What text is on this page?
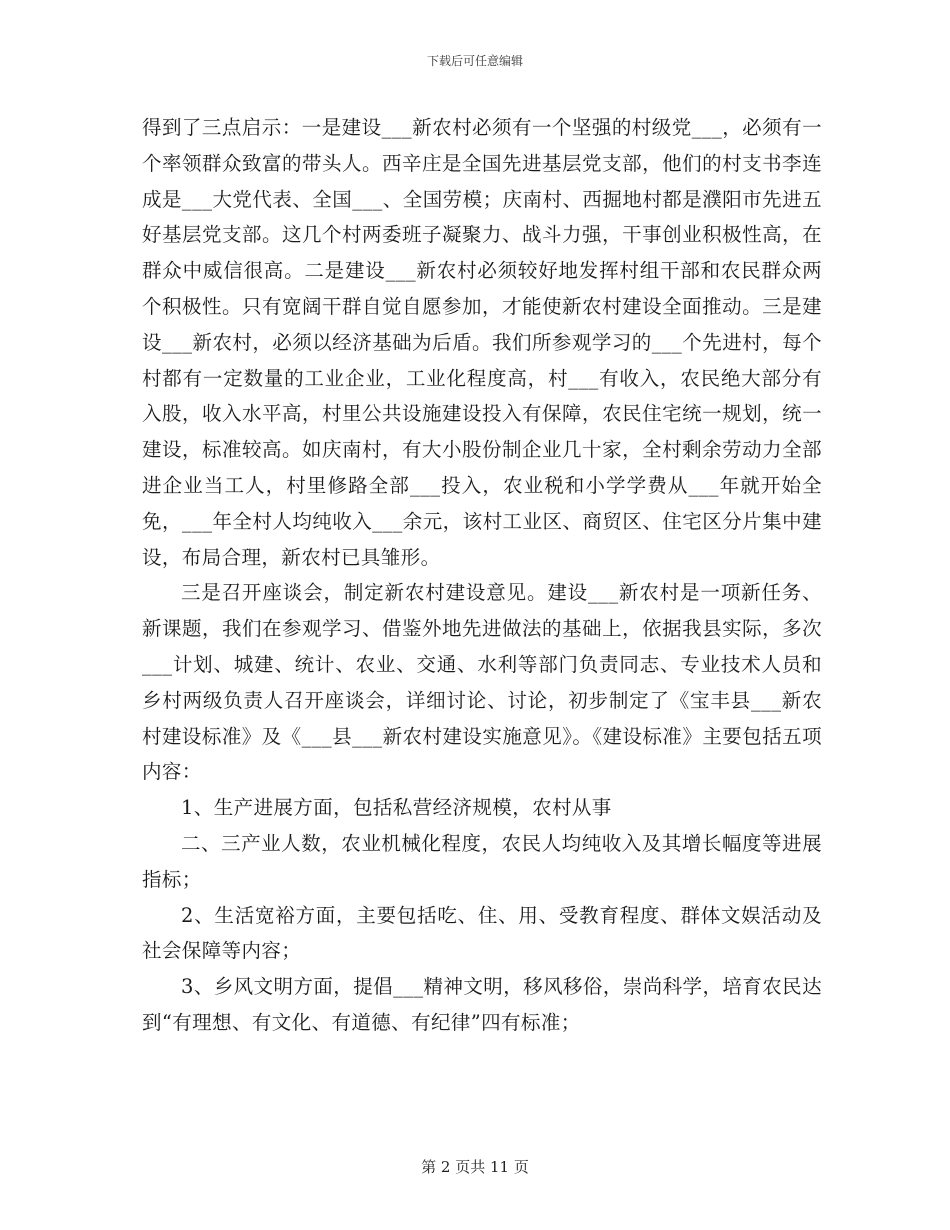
下载后可任意编辑

得到了三点启示：一是建设___新农村必须有一个坚强的村级党___，必须有一个率领群众致富的带头人。西辛庄是全国先进基层党支部，他们的村支书李连成是___大党代表、全国___、全国劳模；庆南村、西掘地村都是濮阳市先进五好基层党支部。这几个村两委班子凝聚力、战斗力强，干事创业积极性高，在群众中威信很高。二是建设___新农村必须较好地发挥村组干部和农民群众两个积极性。只有宽阔干群自觉自愿参加，才能使新农村建设全面推动。三是建设___新农村，必须以经济基础为后盾。我们所参观学习的___个先进村，每个村都有一定数量的工业企业，工业化程度高，村___有收入，农民绝大部分有入股，收入水平高，村里公共设施建设投入有保障，农民住宅统一规划，统一建设，标准较高。如庆南村，有大小股份制企业几十家，全村剩余劳动力全部进企业当工人，村里修路全部___投入，农业税和小学学费从___年就开始全免，___年全村人均纯收入___余元，该村工业区、商贸区、住宅区分片集中建设，布局合理，新农村已具雏形。

三是召开座谈会，制定新农村建设意见。建设___新农村是一项新任务、新课题，我们在参观学习、借鉴外地先进做法的基础上，依据我县实际，多次___计划、城建、统计、农业、交通、水利等部门负责同志、专业技术人员和乡村两级负责人召开座谈会，详细讨论、讨论，初步制定了《宝丰县___新农村建设标准》及《___县___新农村建设实施意见》。《建设标准》主要包括五项内容：

1、生产进展方面，包括私营经济规模，农村从事

二、三产业人数，农业机械化程度，农民人均纯收入及其增长幅度等进展指标；

2、生活宽裕方面，主要包括吃、住、用、受教育程度、群体文娱活动及社会保障等内容；

3、乡风文明方面，提倡___精神文明，移风移俗，崇尚科学，培育农民达到“有理想、有文化、有道德、有纪律”四有标准；

第 2 页共 11 页
